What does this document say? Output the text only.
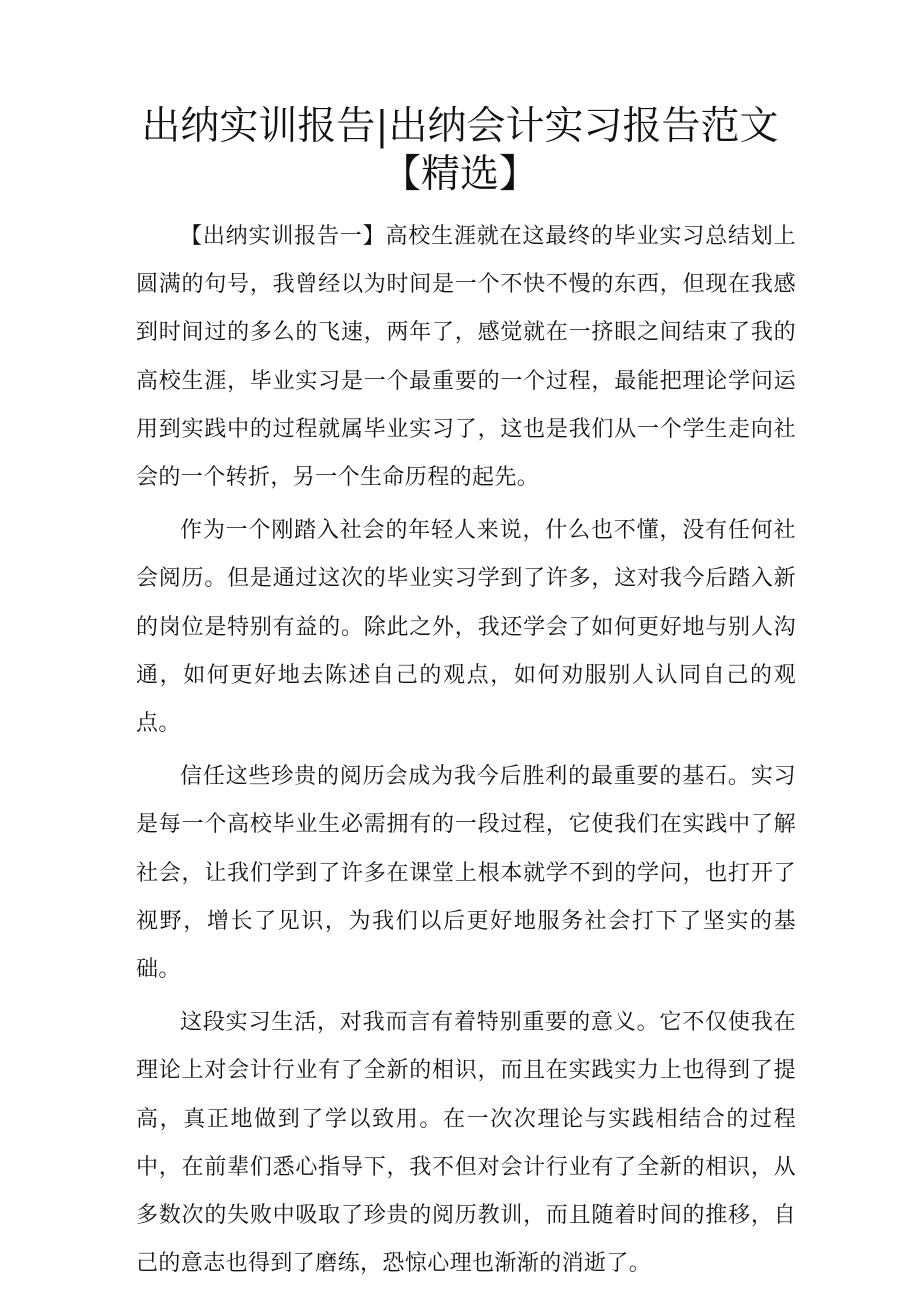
出纳实训报告|出纳会计实习报告范文
【精选】

【出纳实训报告一】高校生涯就在这最终的毕业实习总结划上圆满的句号，我曾经以为时间是一个不快不慢的东西，但现在我感到时间过的多么的飞速，两年了，感觉就在一挤眼之间结束了我的高校生涯，毕业实习是一个最重要的一个过程，最能把理论学问运用到实践中的过程就属毕业实习了，这也是我们从一个学生走向社会的一个转折，另一个生命历程的起先。

作为一个刚踏入社会的年轻人来说，什么也不懂，没有任何社会阅历。但是通过这次的毕业实习学到了许多，这对我今后踏入新的岗位是特别有益的。除此之外，我还学会了如何更好地与别人沟通，如何更好地去陈述自己的观点，如何劝服别人认同自己的观点。

信任这些珍贵的阅历会成为我今后胜利的最重要的基石。实习是每一个高校毕业生必需拥有的一段过程，它使我们在实践中了解社会，让我们学到了许多在课堂上根本就学不到的学问，也打开了视野，增长了见识，为我们以后更好地服务社会打下了坚实的基础。

这段实习生活，对我而言有着特别重要的意义。它不仅使我在理论上对会计行业有了全新的相识，而且在实践实力上也得到了提高，真正地做到了学以致用。在一次次理论与实践相结合的过程中，在前辈们悉心指导下，我不但对会计行业有了全新的相识，从多数次的失败中吸取了珍贵的阅历教训，而且随着时间的推移，自己的意志也得到了磨练，恐惊心理也渐渐的消逝了。
